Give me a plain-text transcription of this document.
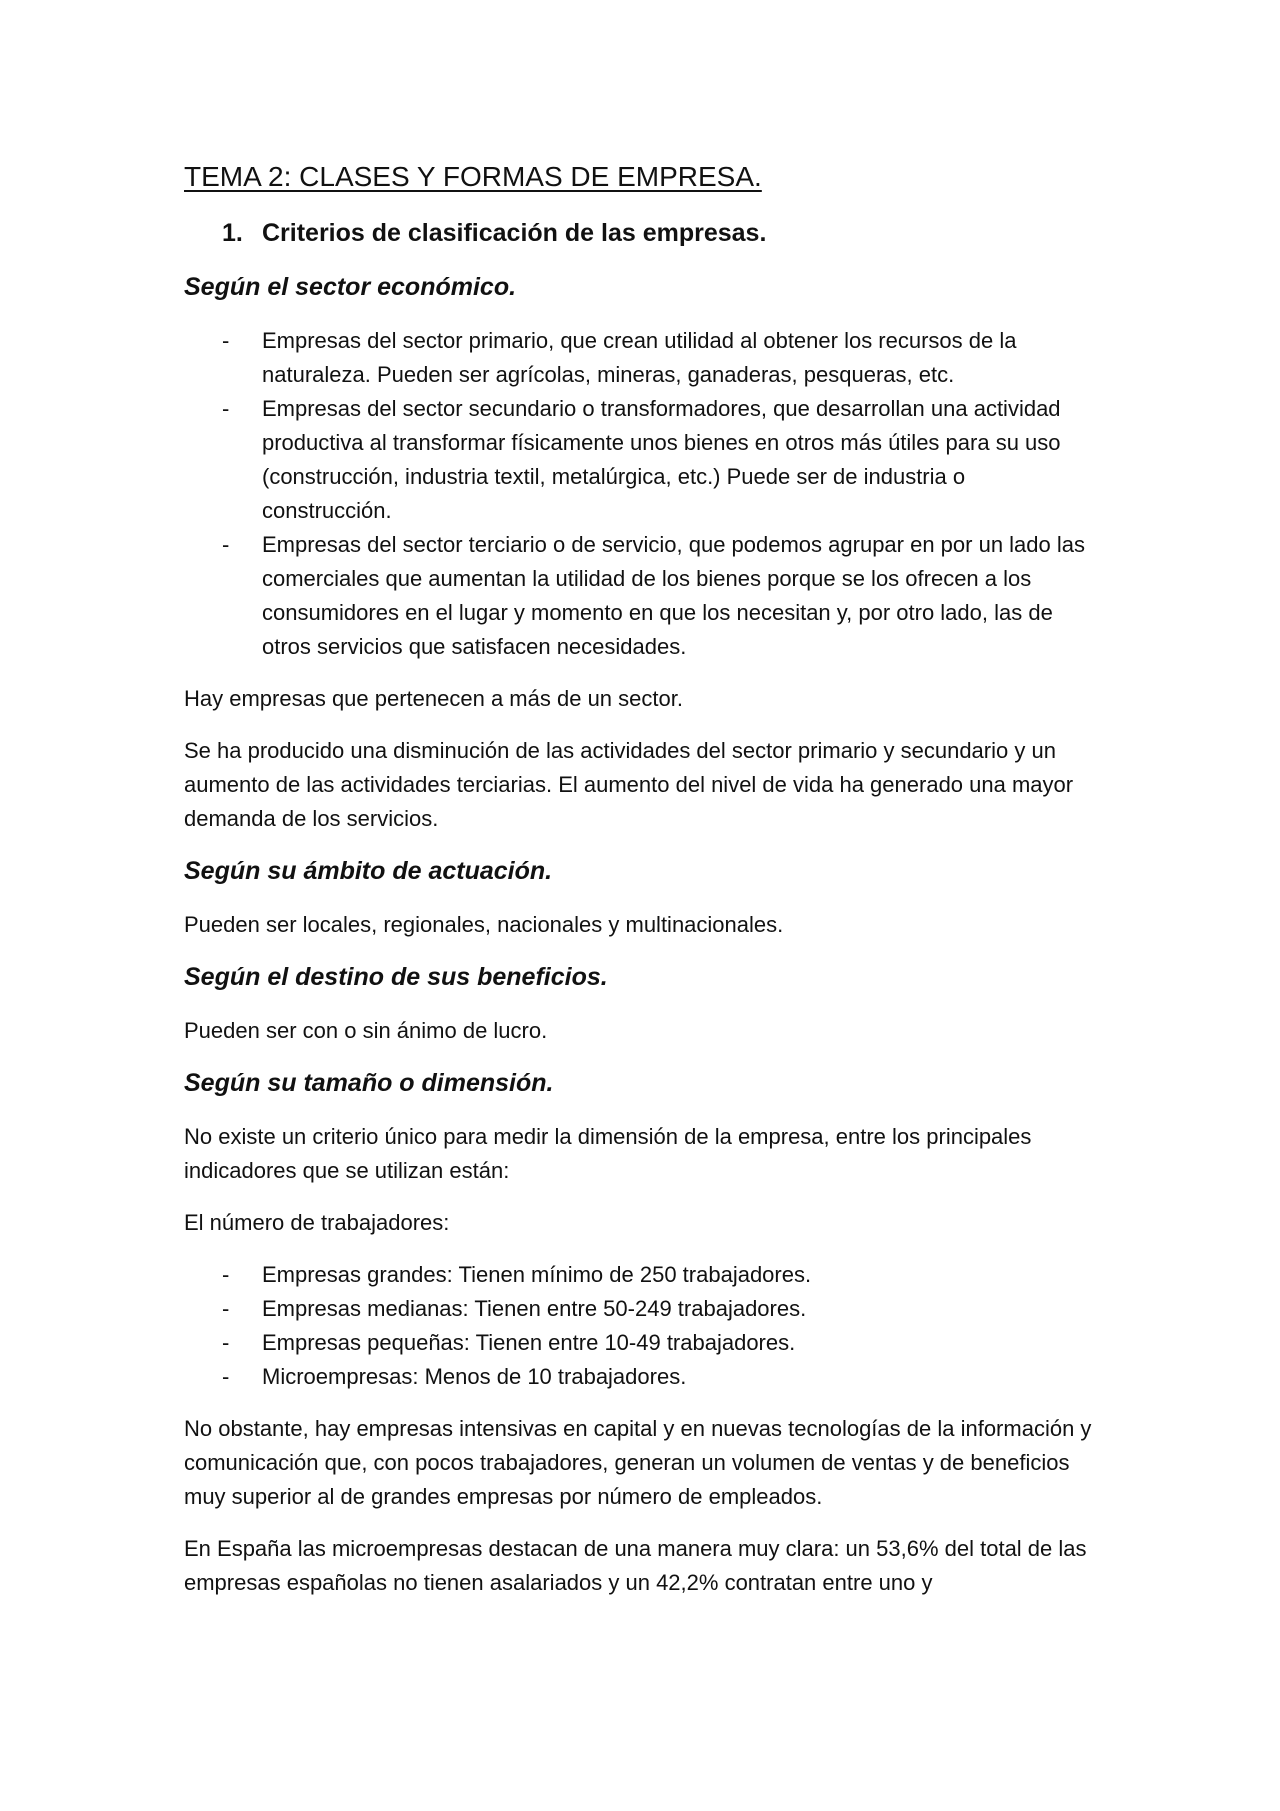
TEMA 2: CLASES Y FORMAS DE EMPRESA.
1. Criterios de clasificación de las empresas.
Según el sector económico.
- Empresas del sector primario, que crean utilidad al obtener los recursos de la naturaleza. Pueden ser agrícolas, mineras, ganaderas, pesqueras, etc.
- Empresas del sector secundario o transformadores, que desarrollan una actividad productiva al transformar físicamente unos bienes en otros más útiles para su uso (construcción, industria textil, metalúrgica, etc.) Puede ser de industria o construcción.
- Empresas del sector terciario o de servicio, que podemos agrupar en por un lado las comerciales que aumentan la utilidad de los bienes porque se los ofrecen a los consumidores en el lugar y momento en que los necesitan y, por otro lado, las de otros servicios que satisfacen necesidades.

Hay empresas que pertenecen a más de un sector.

Se ha producido una disminución de las actividades del sector primario y secundario y un aumento de las actividades terciarias. El aumento del nivel de vida ha generado una mayor demanda de los servicios.

Según su ámbito de actuación.

Pueden ser locales, regionales, nacionales y multinacionales.

Según el destino de sus beneficios.

Pueden ser con o sin ánimo de lucro.

Según su tamaño o dimensión.

No existe un criterio único para medir la dimensión de la empresa, entre los principales indicadores que se utilizan están:

El número de trabajadores:

- Empresas grandes: Tienen mínimo de 250 trabajadores.
- Empresas medianas: Tienen entre 50-249 trabajadores.
- Empresas pequeñas: Tienen entre 10-49 trabajadores.
- Microempresas: Menos de 10 trabajadores.

No obstante, hay empresas intensivas en capital y en nuevas tecnologías de la información y comunicación que, con pocos trabajadores, generan un volumen de ventas y de beneficios muy superior al de grandes empresas por número de empleados.

En España las microempresas destacan de una manera muy clara: un 53,6% del total de las empresas españolas no tienen asalariados y un 42,2% contratan entre uno y
